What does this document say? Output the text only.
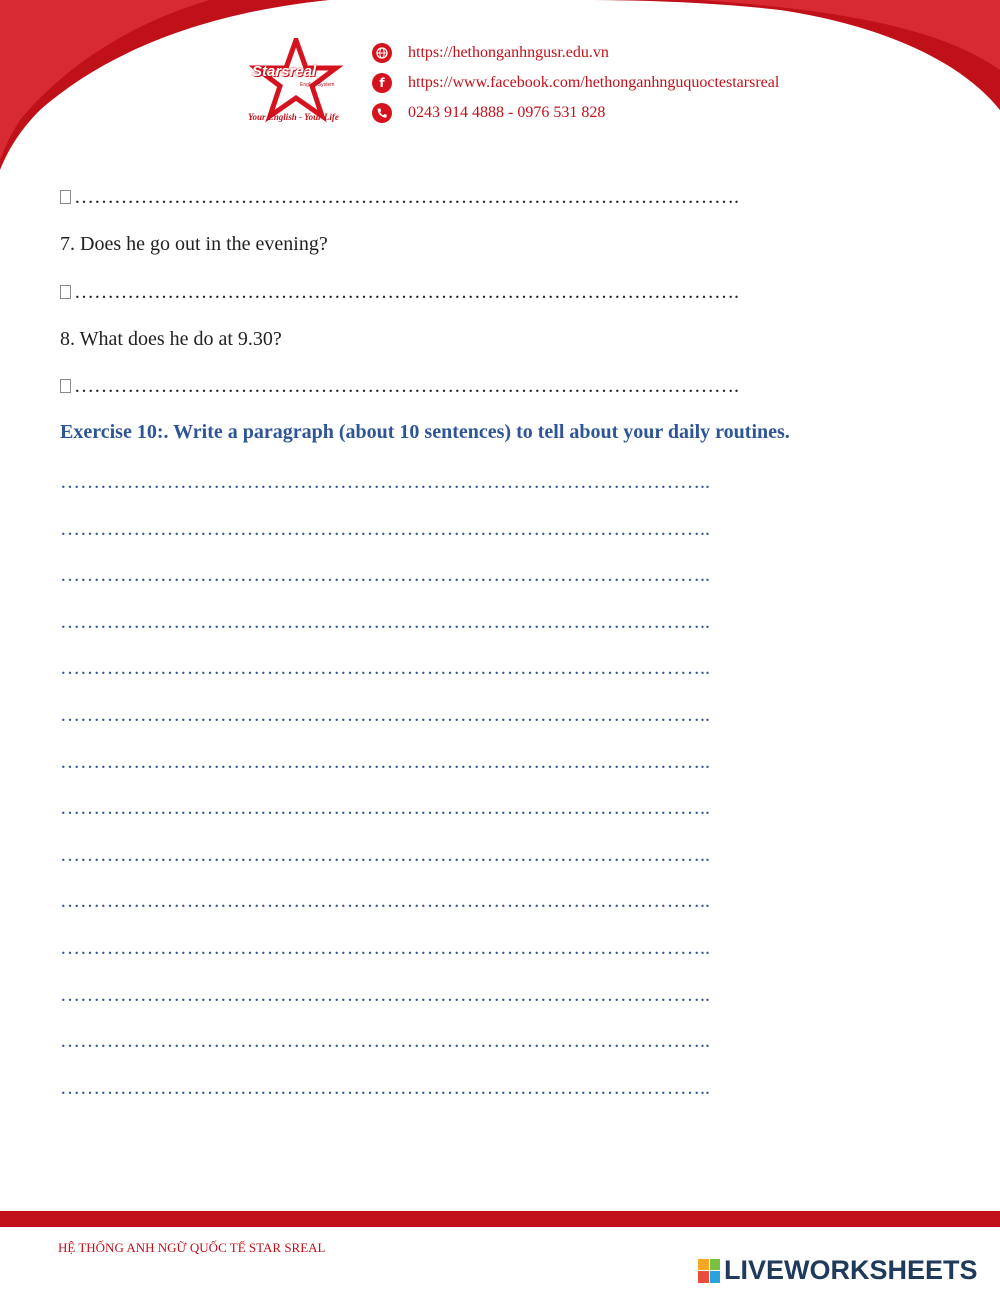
Starsreal
English System
Your English - Your Life
https://hethonganhngusr.edu.vn
f	https://www.facebook.com/hethonganhnguquoctestarsreal
0243 914 4888 - 0976 531 828
……………………………………………………………………………………….
7. Does he go out in the evening?
……………………………………………………………………………………….
8. What does he do at 9.30?
……………………………………………………………………………………….
Exercise 10:. Write a paragraph (about 10 sentences) to tell about your daily routines.
……………………………………………………………………………………..
……………………………………………………………………………………..
……………………………………………………………………………………..
……………………………………………………………………………………..
……………………………………………………………………………………..
……………………………………………………………………………………..
……………………………………………………………………………………..
……………………………………………………………………………………..
……………………………………………………………………………………..
……………………………………………………………………………………..
……………………………………………………………………………………..
……………………………………………………………………………………..
……………………………………………………………………………………..
……………………………………………………………………………………..
HỆ THỐNG ANH NGỮ QUỐC TẾ STAR SREAL
LIVEWORKSHEETS
